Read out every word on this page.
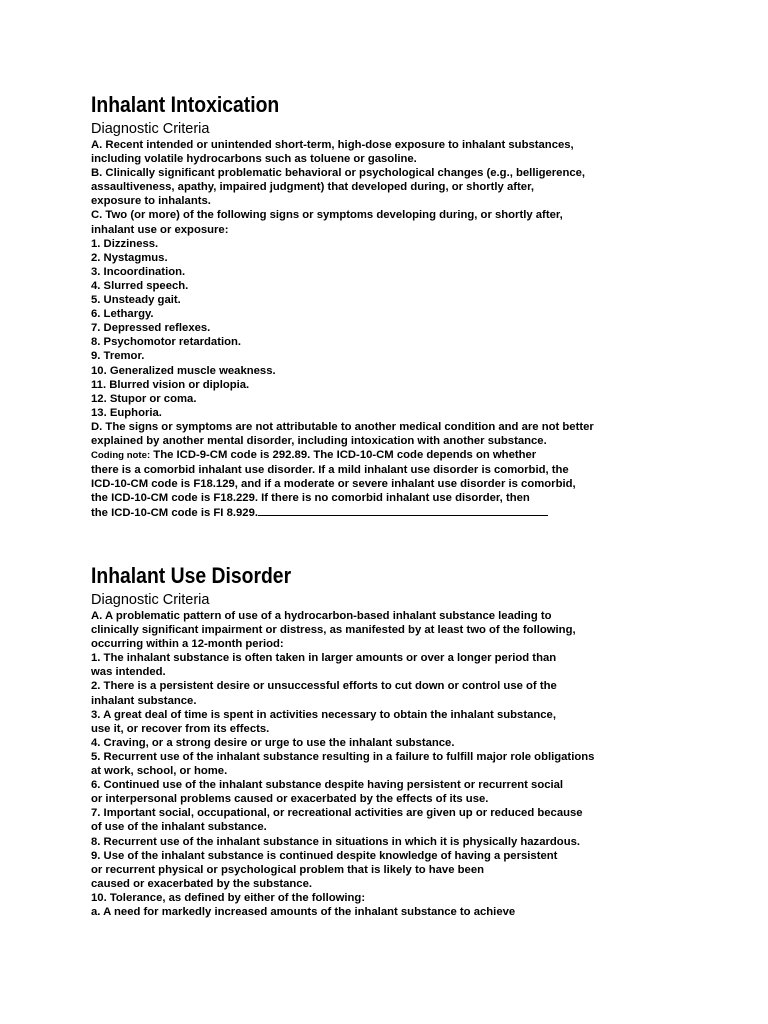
Inhalant Intoxication
Diagnostic Criteria
A. Recent intended or unintended short-term, high-dose exposure to inhalant substances,
including volatile hydrocarbons such as toluene or gasoline.
B. Clinically significant problematic behavioral or psychological changes (e.g., belligerence,
assaultiveness, apathy, impaired judgment) that developed during, or shortly after,
exposure to inhalants.
C. Two (or more) of the following signs or symptoms developing during, or shortly after,
inhalant use or exposure:
1. Dizziness.
2. Nystagmus.
3. Incoordination.
4. Slurred speech.
5. Unsteady gait.
6. Lethargy.
7. Depressed reflexes.
8. Psychomotor retardation.
9. Tremor.
10. Generalized muscle weakness.
11. Blurred vision or diplopia.
12. Stupor or coma.
13. Euphoria.
D. The signs or symptoms are not attributable to another medical condition and are not better
explained by another mental disorder, including intoxication with another substance.
Coding note: The ICD-9-CM code is 292.89. The ICD-10-CM code depends on whether
there is a comorbid inhalant use disorder. If a mild inhalant use disorder is comorbid, the
ICD-10-CM code is F18.129, and if a moderate or severe inhalant use disorder is comorbid,
the ICD-10-CM code is F18.229. If there is no comorbid inhalant use disorder, then
the ICD-10-CM code is FI 8.929.
Inhalant Use Disorder
Diagnostic Criteria
A. A problematic pattern of use of a hydrocarbon-based inhalant substance leading to
clinically significant impairment or distress, as manifested by at least two of the following,
occurring within a 12-month period:
1. The inhalant substance is often taken in larger amounts or over a longer period than
was intended.
2. There is a persistent desire or unsuccessful efforts to cut down or control use of the
inhalant substance.
3. A great deal of time is spent in activities necessary to obtain the inhalant substance,
use it, or recover from its effects.
4. Craving, or a strong desire or urge to use the inhalant substance.
5. Recurrent use of the inhalant substance resulting in a failure to fulfill major role obligations
at work, school, or home.
6. Continued use of the inhalant substance despite having persistent or recurrent social
or interpersonal problems caused or exacerbated by the effects of its use.
7. Important social, occupational, or recreational activities are given up or reduced because
of use of the inhalant substance.
8. Recurrent use of the inhalant substance in situations in which it is physically hazardous.
9. Use of the inhalant substance is continued despite knowledge of having a persistent
or recurrent physical or psychological problem that is likely to have been
caused or exacerbated by the substance.
10. Tolerance, as defined by either of the following:
a. A need for markedly increased amounts of the inhalant substance to achieve
